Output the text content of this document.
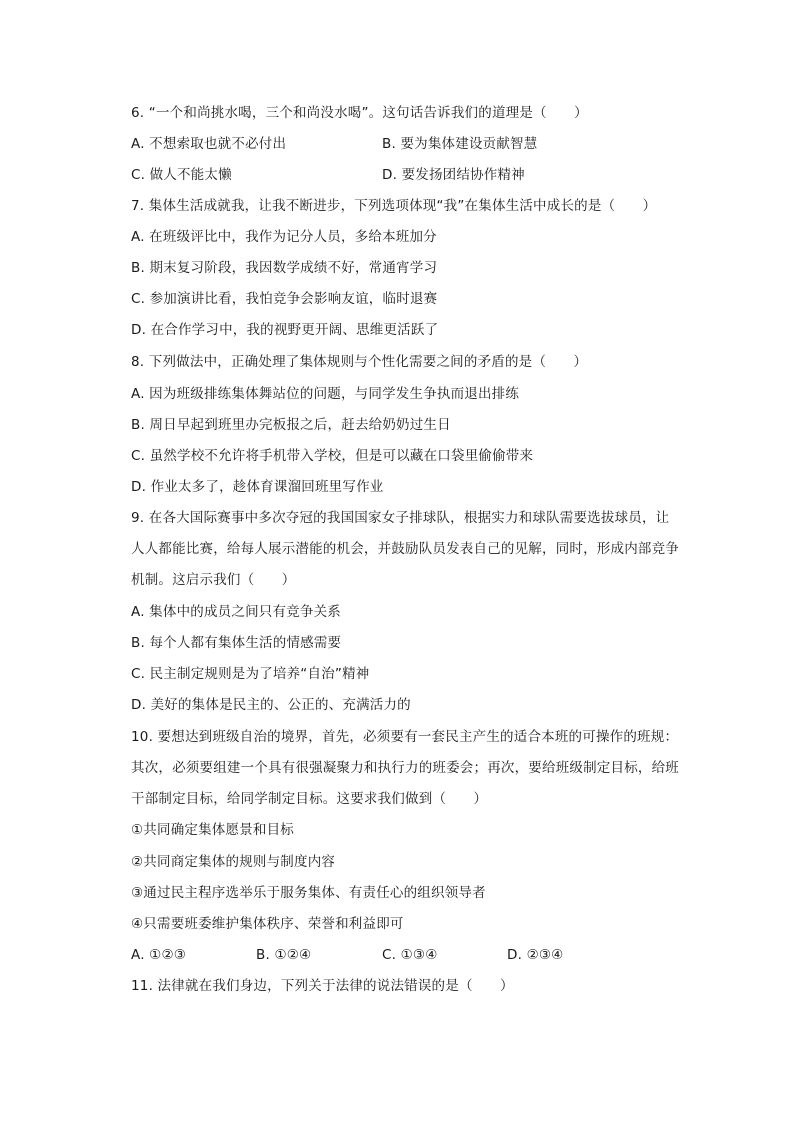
6. “一个和尚挑水喝，三个和尚没水喝”。这句话告诉我们的道理是（　　）
A. 不想索取也就不必付出	B. 要为集体建设贡献智慧
C. 做人不能太懒	D. 要发扬团结协作精神
7. 集体生活成就我，让我不断进步，下列选项体现“我”在集体生活中成长的是（　　）
A. 在班级评比中，我作为记分人员，多给本班加分
B. 期末复习阶段，我因数学成绩不好，常通宵学习
C. 参加演讲比看，我怕竞争会影响友谊，临时退赛
D. 在合作学习中，我的视野更开阔、思维更活跃了
8. 下列做法中，正确处理了集体规则与个性化需要之间的矛盾的是（　　）
A. 因为班级排练集体舞站位的问题，与同学发生争执而退出排练
B. 周日早起到班里办完板报之后，赶去给奶奶过生日
C. 虽然学校不允许将手机带入学校，但是可以藏在口袋里偷偷带来
D. 作业太多了，趁体育课溜回班里写作业
9. 在各大国际赛事中多次夺冠的我国国家女子排球队，根据实力和球队需要选拔球员，让
人人都能比赛，给每人展示潜能的机会，并鼓励队员发表自己的见解，同时，形成内部竞争
机制。这启示我们（　　）
A. 集体中的成员之间只有竞争关系
B. 每个人都有集体生活的情感需要
C. 民主制定规则是为了培养“自治”精神
D. 美好的集体是民主的、公正的、充满活力的
10. 要想达到班级自治的境界，首先，必须要有一套民主产生的适合本班的可操作的班规：
其次，必须要组建一个具有很强凝聚力和执行力的班委会；再次，要给班级制定目标，给班
干部制定目标，给同学制定目标。这要求我们做到（　　）
①共同确定集体愿景和目标
②共同商定集体的规则与制度内容
③通过民主程序选举乐于服务集体、有责任心的组织领导者
④只需要班委维护集体秩序、荣誉和利益即可
A. ①②③	B. ①②④	C. ①③④	D. ②③④
11. 法律就在我们身边，下列关于法律的说法错误的是（　　）
